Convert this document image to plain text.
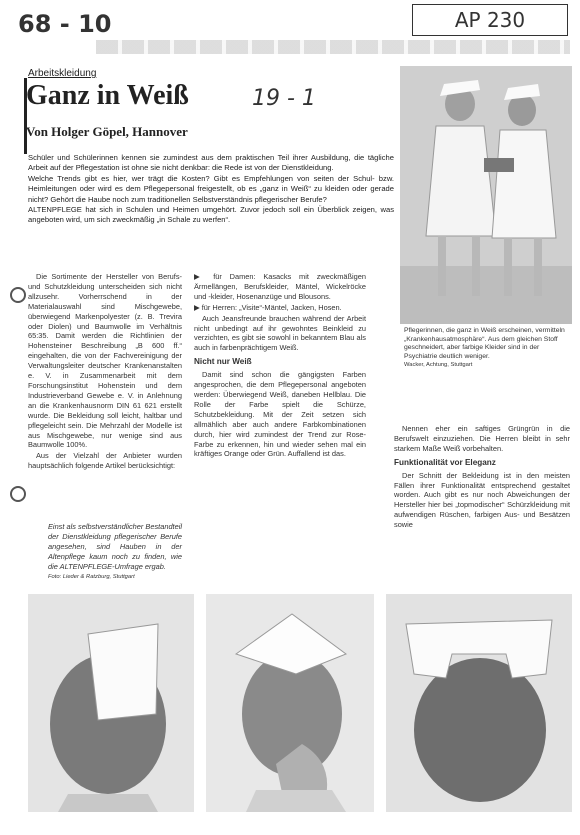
68 - 10	AP 230
Arbeitskleidung
Ganz in Weiß	19 - 1
Von Holger Göpel, Hannover

Schüler und Schülerinnen kennen sie zumindest aus dem praktischen Teil ihrer Ausbildung, die tägliche Arbeit auf der Pflegestation ist ohne sie nicht denkbar: die Rede ist von der Dienstkleidung.

Welche Trends gibt es hier, wer trägt die Kosten? Gibt es Empfehlungen von seiten der Schul- bzw. Heimleitungen oder wird es dem Pflegepersonal freigestellt, ob es „ganz in Weiß“ zu kleiden oder gerade nicht? Gehört die Haube noch zum traditionellen Selbstverständnis pflegerischer Berufe?

ALTENPFLEGE hat sich in Schulen und Heimen umgehört. Zuvor jedoch soll ein Überblick zeigen, was angeboten wird, um sich zweckmäßig „in Schale zu werfen“.

Pflegerinnen, die ganz in Weiß erscheinen, vermitteln „Krankenhausatmosphäre“. Aus dem gleichen Stoff geschneidert, aber farbige Kleider sind in der Psychiatrie deutlich weniger.
Wacker, Achtung, Stuttgart

Die Sortimente der Hersteller von Berufs- und Schutzkleidung unterscheiden sich nicht allzusehr. Vorherrschend in der Materialauswahl sind Mischgewebe, überwiegend Markenpolyester (z. B. Trevira oder Diolen) und Baumwolle im Verhältnis 65:35. Damit werden die Richtlinien der Hohensteiner Beschreibung „B 600 ff.“ eingehalten, die von der Fachvereinigung der Verwaltungsleiter deutscher Krankenanstalten e. V. in Zusammenarbeit mit dem Forschungsinstitut Hohenstein und dem Industrieverband Gewebe e. V. in Anlehnung an die Krankenhausnorm DIN 61 621 erstellt wurde. Die Bekleidung soll leicht, haltbar und pflegeleicht sein. Die Mehrzahl der Modelle ist aus Mischgewebe, nur wenige sind aus Baumwolle 100%.

Aus der Vielzahl der Anbieter wurden hauptsächlich folgende Artikel berücksichtigt:

Einst als selbstverständlicher Bestandteil der Dienstkleidung pflegerischer Berufe angesehen, sind Hauben in der Altenpflege kaum noch zu finden, wie die ALTENPFLEGE-Umfrage ergab.

Foto: Lieder & Ratzburg, Stuttgart

▶ für Damen: Kasacks mit zweckmäßigen Ärmellängen, Berufskleider, Mäntel, Wickelröcke und -kleider, Hosenanzüge und Blousons.

▶ für Herren: „Visite“-Mäntel, Jacken, Hosen.

Auch Jeansfreunde brauchen während der Arbeit nicht unbedingt auf ihr gewohntes Beinkleid zu verzichten, es gibt sie sowohl in bekanntem Blau als auch in farbenprächtigem Weiß.

Nicht nur Weiß

Damit sind schon die gängigsten Farben angesprochen, die dem Pflegepersonal angeboten werden: Überwiegend Weiß, daneben Hellblau. Die Rolle der Farbe spielt die Schürze, Schutzbekleidung. Mit der Zeit setzen sich allmählich aber auch andere Farbkombinationen durch, hier wird zumindest der Trend zur Rose-Farbe zu erkennen, hin und wieder sehen mal ein kräftiges Orange oder Grün. Auffallend ist das.

Nennen eher ein saftiges Grüngrün in die Berufswelt einzuziehen. Die Herren bleibt in sehr starkem Maße Weiß vorbehalten.

Funktionalität vor Eleganz

Der Schnitt der Bekleidung ist in den meisten Fällen ihrer Funktionalität entsprechend gestaltet worden. Auch gibt es nur noch Abweichungen der Hersteller hier bei „topmodischer“ Schürzkleidung mit aufwendigen Rüschen, farbigen Aus- und Besätzen sowie
